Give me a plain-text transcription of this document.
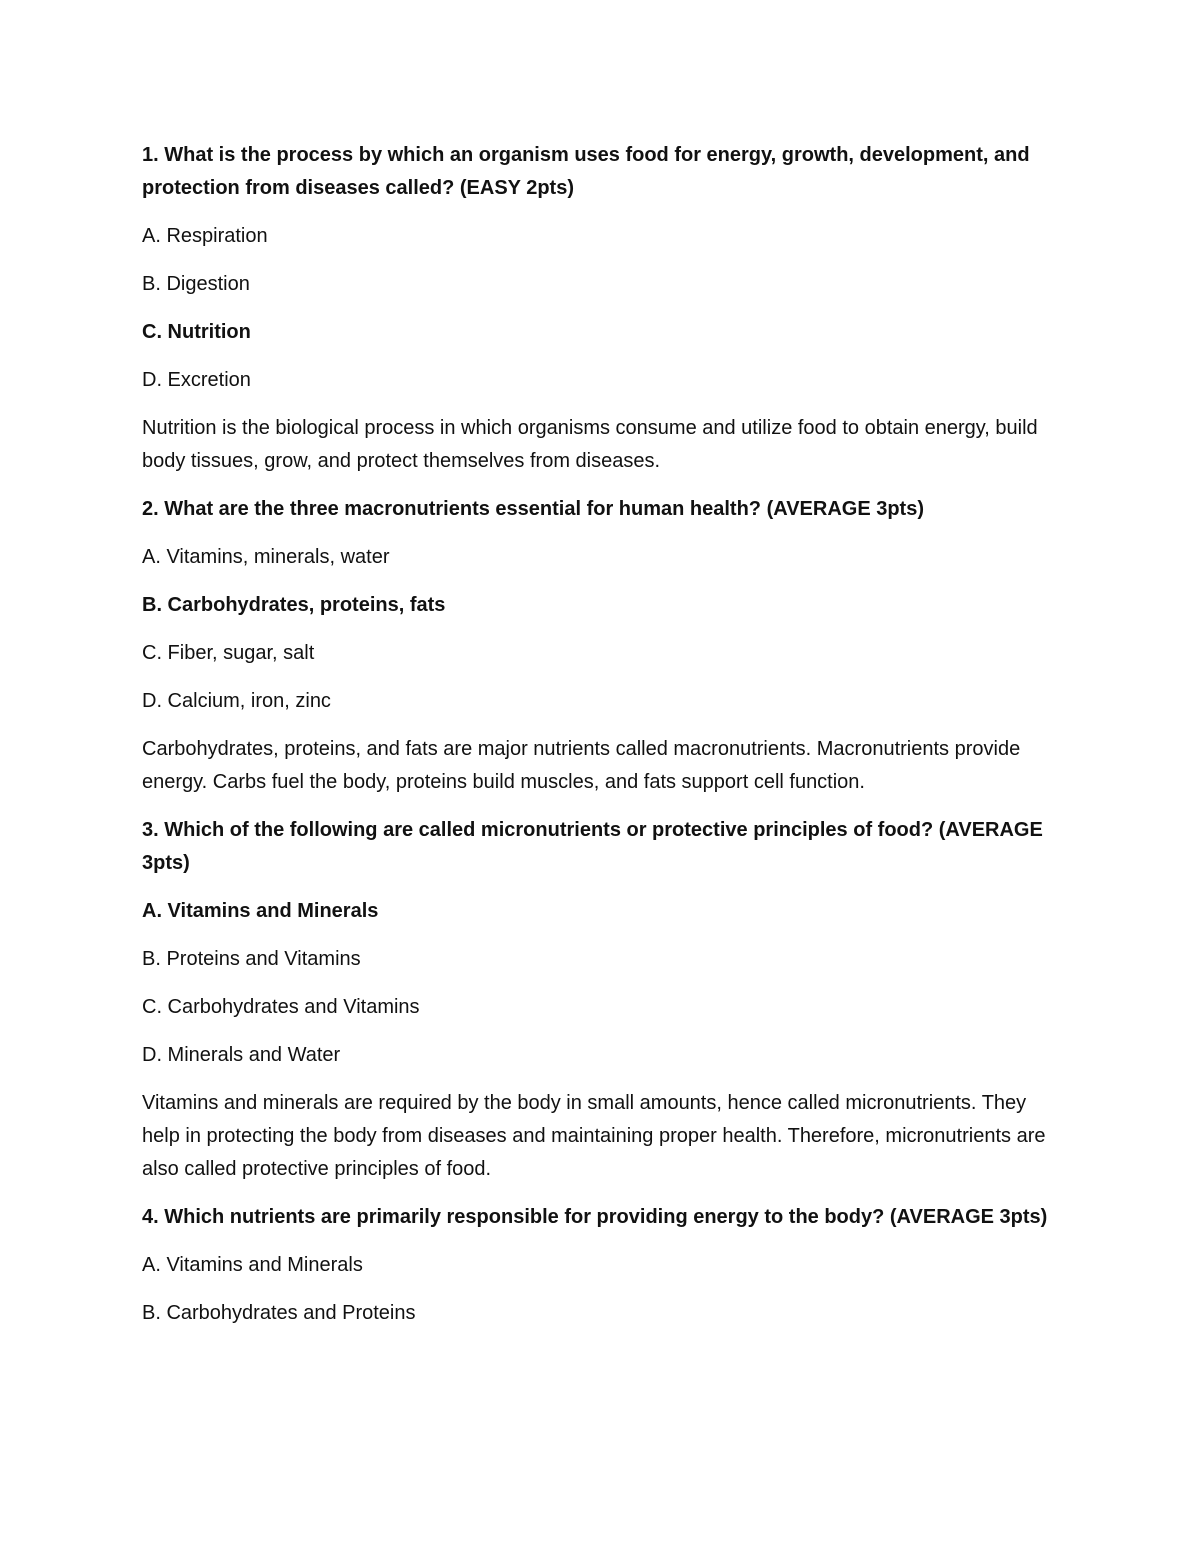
1. What is the process by which an organism uses food for energy, growth, development, and protection from diseases called? (EASY 2pts)

A. Respiration

B. Digestion

C. Nutrition

D. Excretion

Nutrition is the biological process in which organisms consume and utilize food to obtain energy, build body tissues, grow, and protect themselves from diseases.

2. What are the three macronutrients essential for human health? (AVERAGE 3pts)

A. Vitamins, minerals, water

B. Carbohydrates, proteins, fats

C. Fiber, sugar, salt

D. Calcium, iron, zinc

Carbohydrates, proteins, and fats are major nutrients called macronutrients. Macronutrients provide energy. Carbs fuel the body, proteins build muscles, and fats support cell function.

3. Which of the following are called micronutrients or protective principles of food? (AVERAGE 3pts)

A. Vitamins and Minerals

B. Proteins and Vitamins

C. Carbohydrates and Vitamins

D. Minerals and Water

Vitamins and minerals are required by the body in small amounts, hence called micronutrients. They help in protecting the body from diseases and maintaining proper health. Therefore, micronutrients are also called protective principles of food.

4. Which nutrients are primarily responsible for providing energy to the body? (AVERAGE 3pts)

A. Vitamins and Minerals

B. Carbohydrates and Proteins
